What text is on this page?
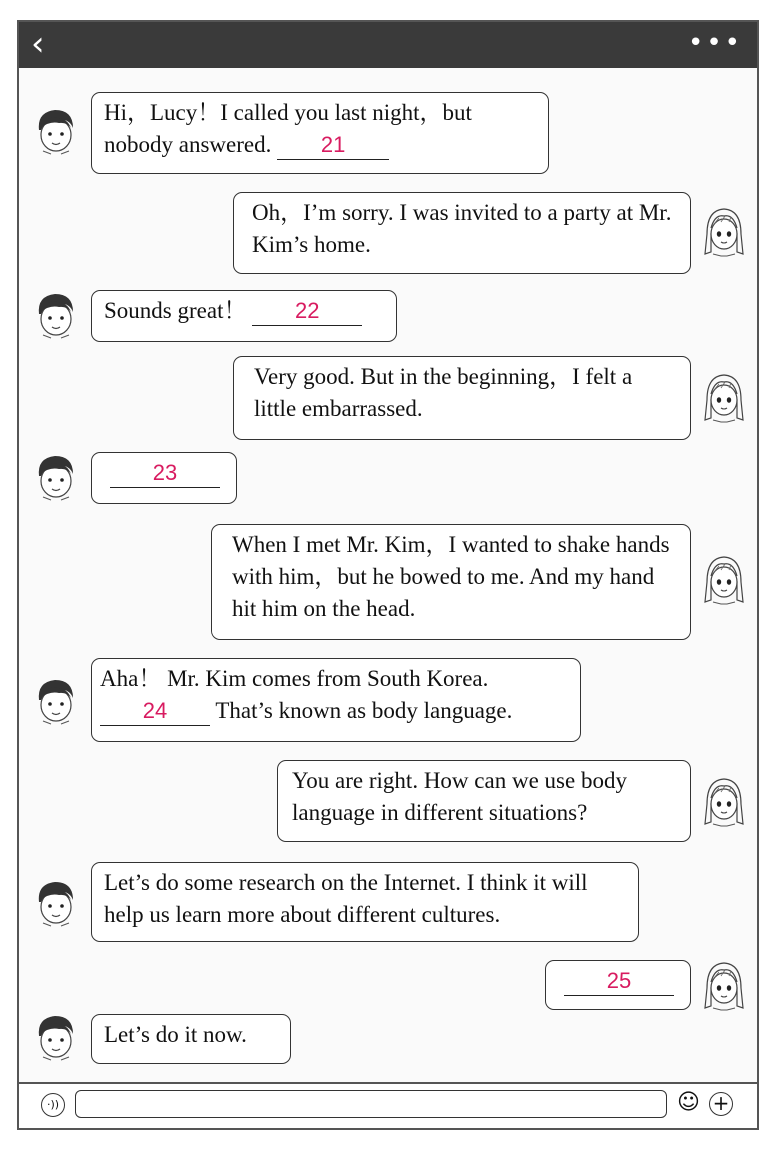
‹	•••
Hi，Lucy！I called you last night，but nobody answered. 21
Oh，I’m sorry. I was invited to a party at Mr. Kim’s home.
Sounds great！ 22
Very good. But in the beginning，I felt a little embarrassed.
23
When I met Mr. Kim，I wanted to shake hands with him，but he bowed to me. And my hand hit him on the head.
Aha！ Mr. Kim comes from South Korea. 24 That’s known as body language.
You are right. How can we use body language in different situations?
Let’s do some research on the Internet. I think it will help us learn more about different cultures.
25
Let’s do it now.
·))	☺ +
